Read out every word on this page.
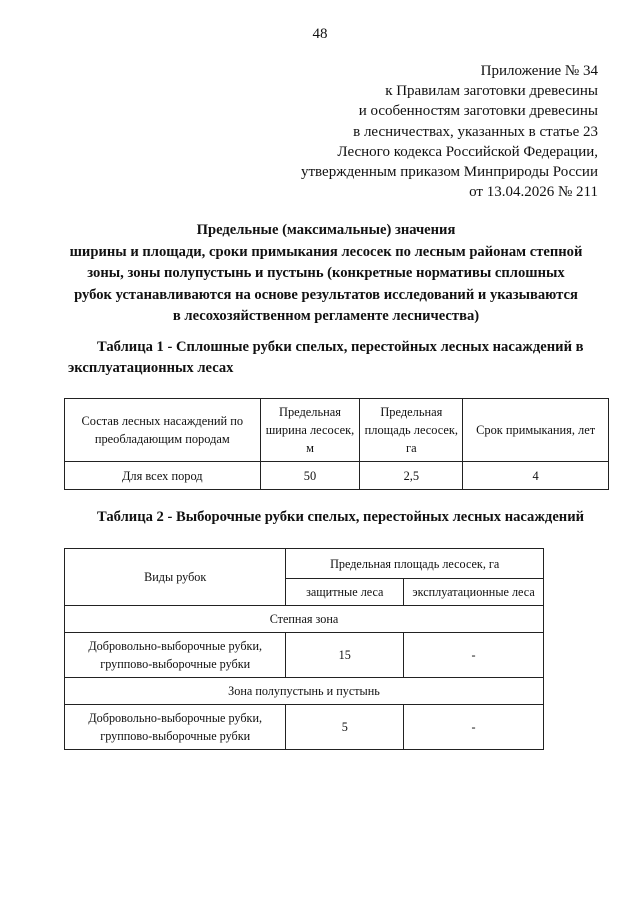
48
Приложение № 34
к Правилам заготовки древесины
и особенностям заготовки древесины
в лесничествах, указанных в статье 23
Лесного кодекса Российской Федерации,
утвержденным приказом Минприроды России
от 13.04.2026 № 211
Предельные (максимальные) значения
ширины и площади, сроки примыкания лесосек по лесным районам степной
зоны, зоны полупустынь и пустынь (конкретные нормативы сплошных
рубок устанавливаются на основе результатов исследований и указываются
в лесохозяйственном регламенте лесничества)
Таблица 1 - Сплошные рубки спелых, перестойных лесных насаждений в
эксплуатационных лесах
Состав лесных насаждений по преобладающим породам	Предельная ширина лесосек, м	Предельная площадь лесосек, га	Срок примыкания, лет
Для всех пород	50	2,5	4
Таблица 2 - Выборочные рубки спелых, перестойных лесных насаждений
Виды рубок	Предельная площадь лесосек, га	
	защитные леса	эксплуатационные леса
Степная зона		
Добровольно-выборочные рубки, групповo-выборочные рубки	15	-
Зона полупустынь и пустынь		
Добровольно-выборочные рубки, групповo-выборочные рубки	5	-
